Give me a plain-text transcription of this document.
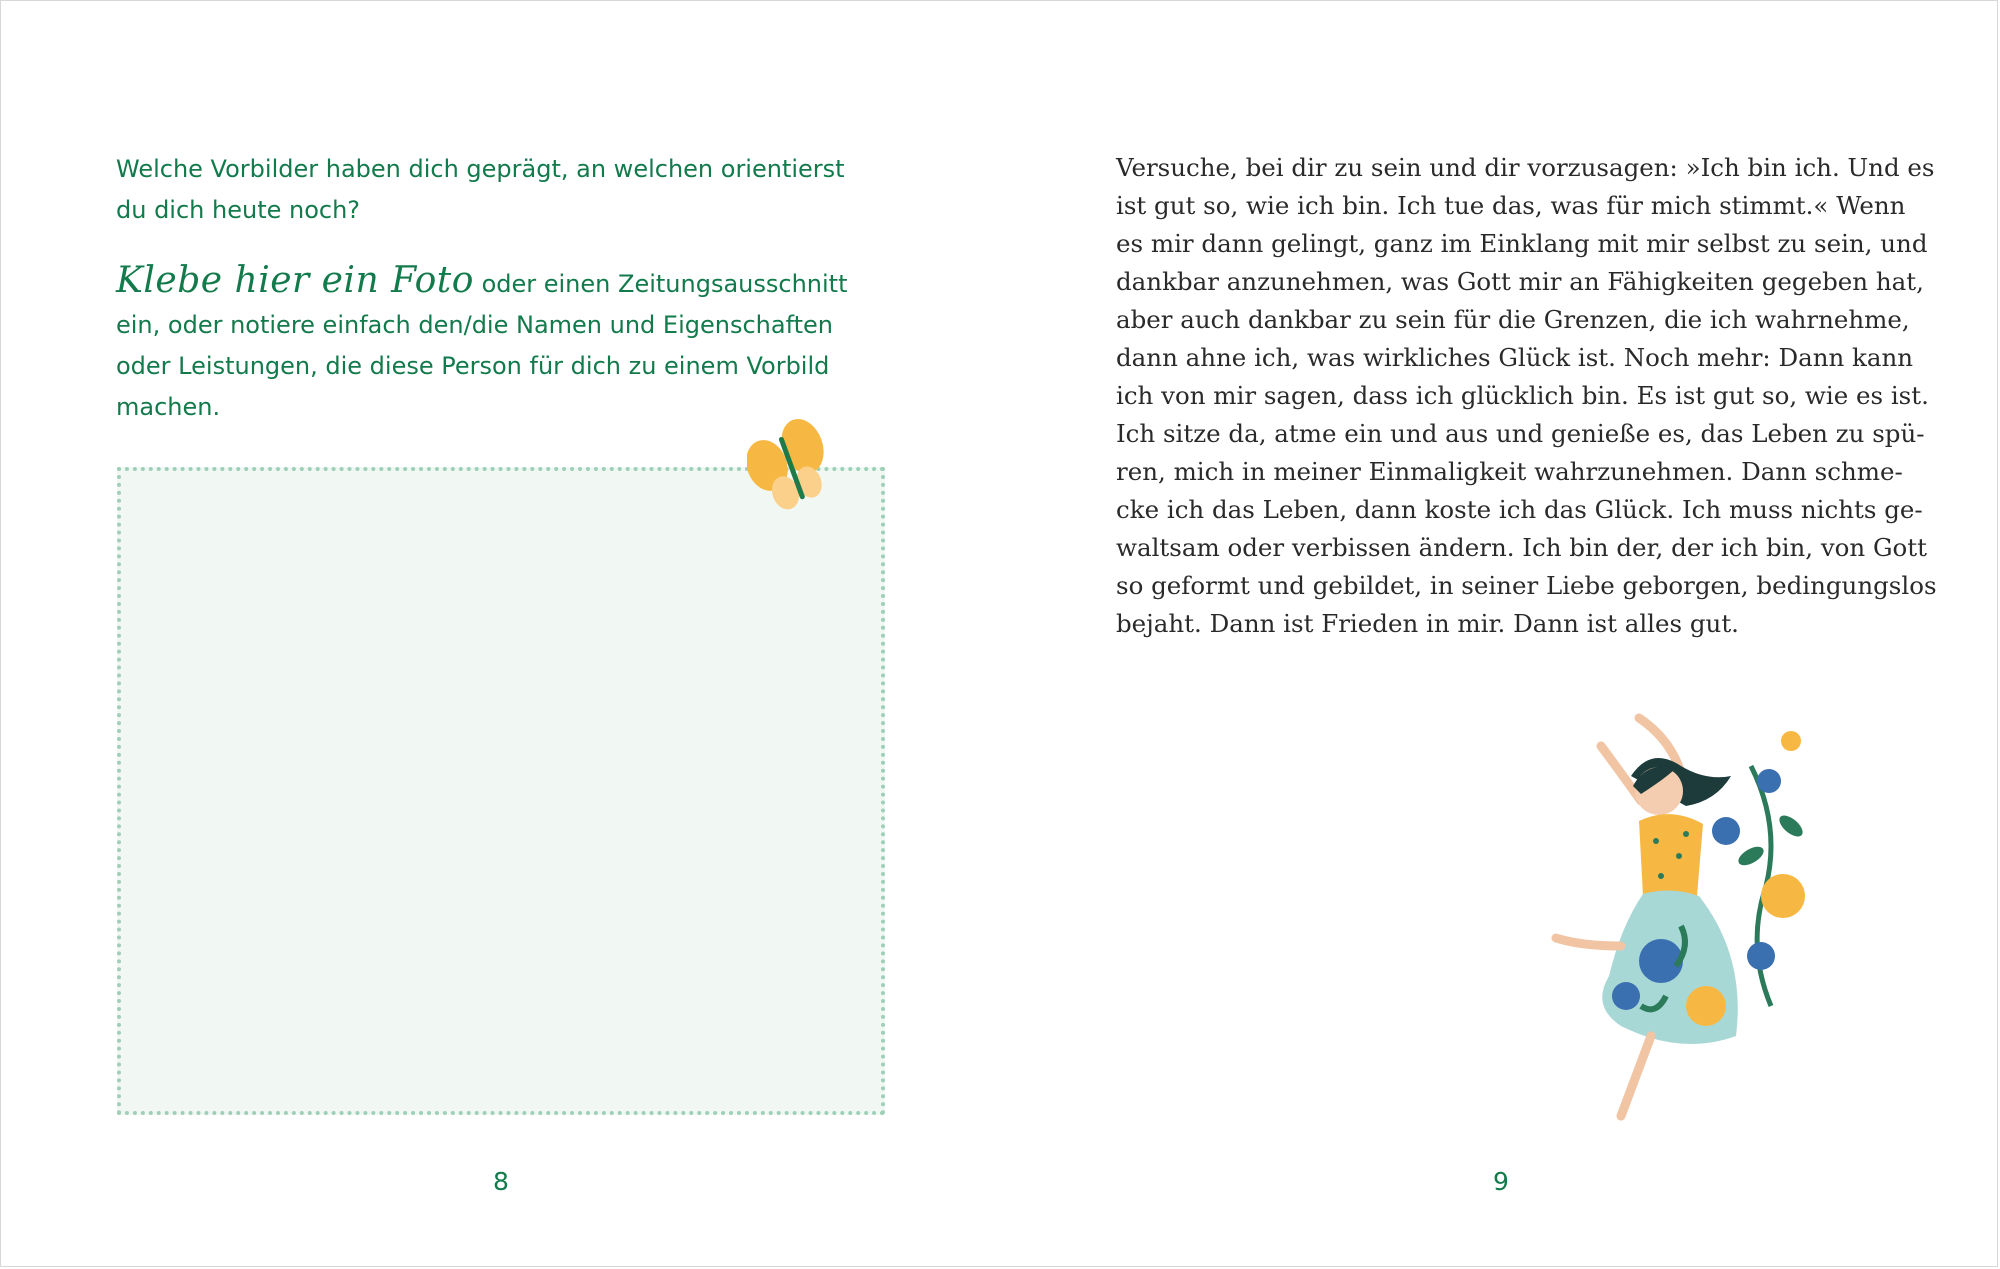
Welche Vorbilder haben dich geprägt, an welchen orientierst du dich heute noch?

Klebe hier ein Foto oder einen Zeitungsausschnitt ein, oder notiere einfach den/die Namen und Eigenschaften oder Leistungen, die diese Person für dich zu einem Vorbild machen.

8

Versuche, bei dir zu sein und dir vorzusagen: »Ich bin ich. Und es
ist gut so, wie ich bin. Ich tue das, was für mich stimmt.« Wenn
es mir dann gelingt, ganz im Einklang mit mir selbst zu sein, und
dankbar anzunehmen, was Gott mir an Fähigkeiten gegeben hat,
aber auch dankbar zu sein für die Grenzen, die ich wahrnehme,
dann ahne ich, was wirkliches Glück ist. Noch mehr: Dann kann
ich von mir sagen, dass ich glücklich bin. Es ist gut so, wie es ist.
Ich sitze da, atme ein und aus und genieße es, das Leben zu spü-
ren, mich in meiner Einmaligkeit wahrzunehmen. Dann schme-
cke ich das Leben, dann koste ich das Glück. Ich muss nichts ge-
waltsam oder verbissen ändern. Ich bin der, der ich bin, von Gott
so geformt und gebildet, in seiner Liebe geborgen, bedingungslos
bejaht. Dann ist Frieden in mir. Dann ist alles gut.

9
